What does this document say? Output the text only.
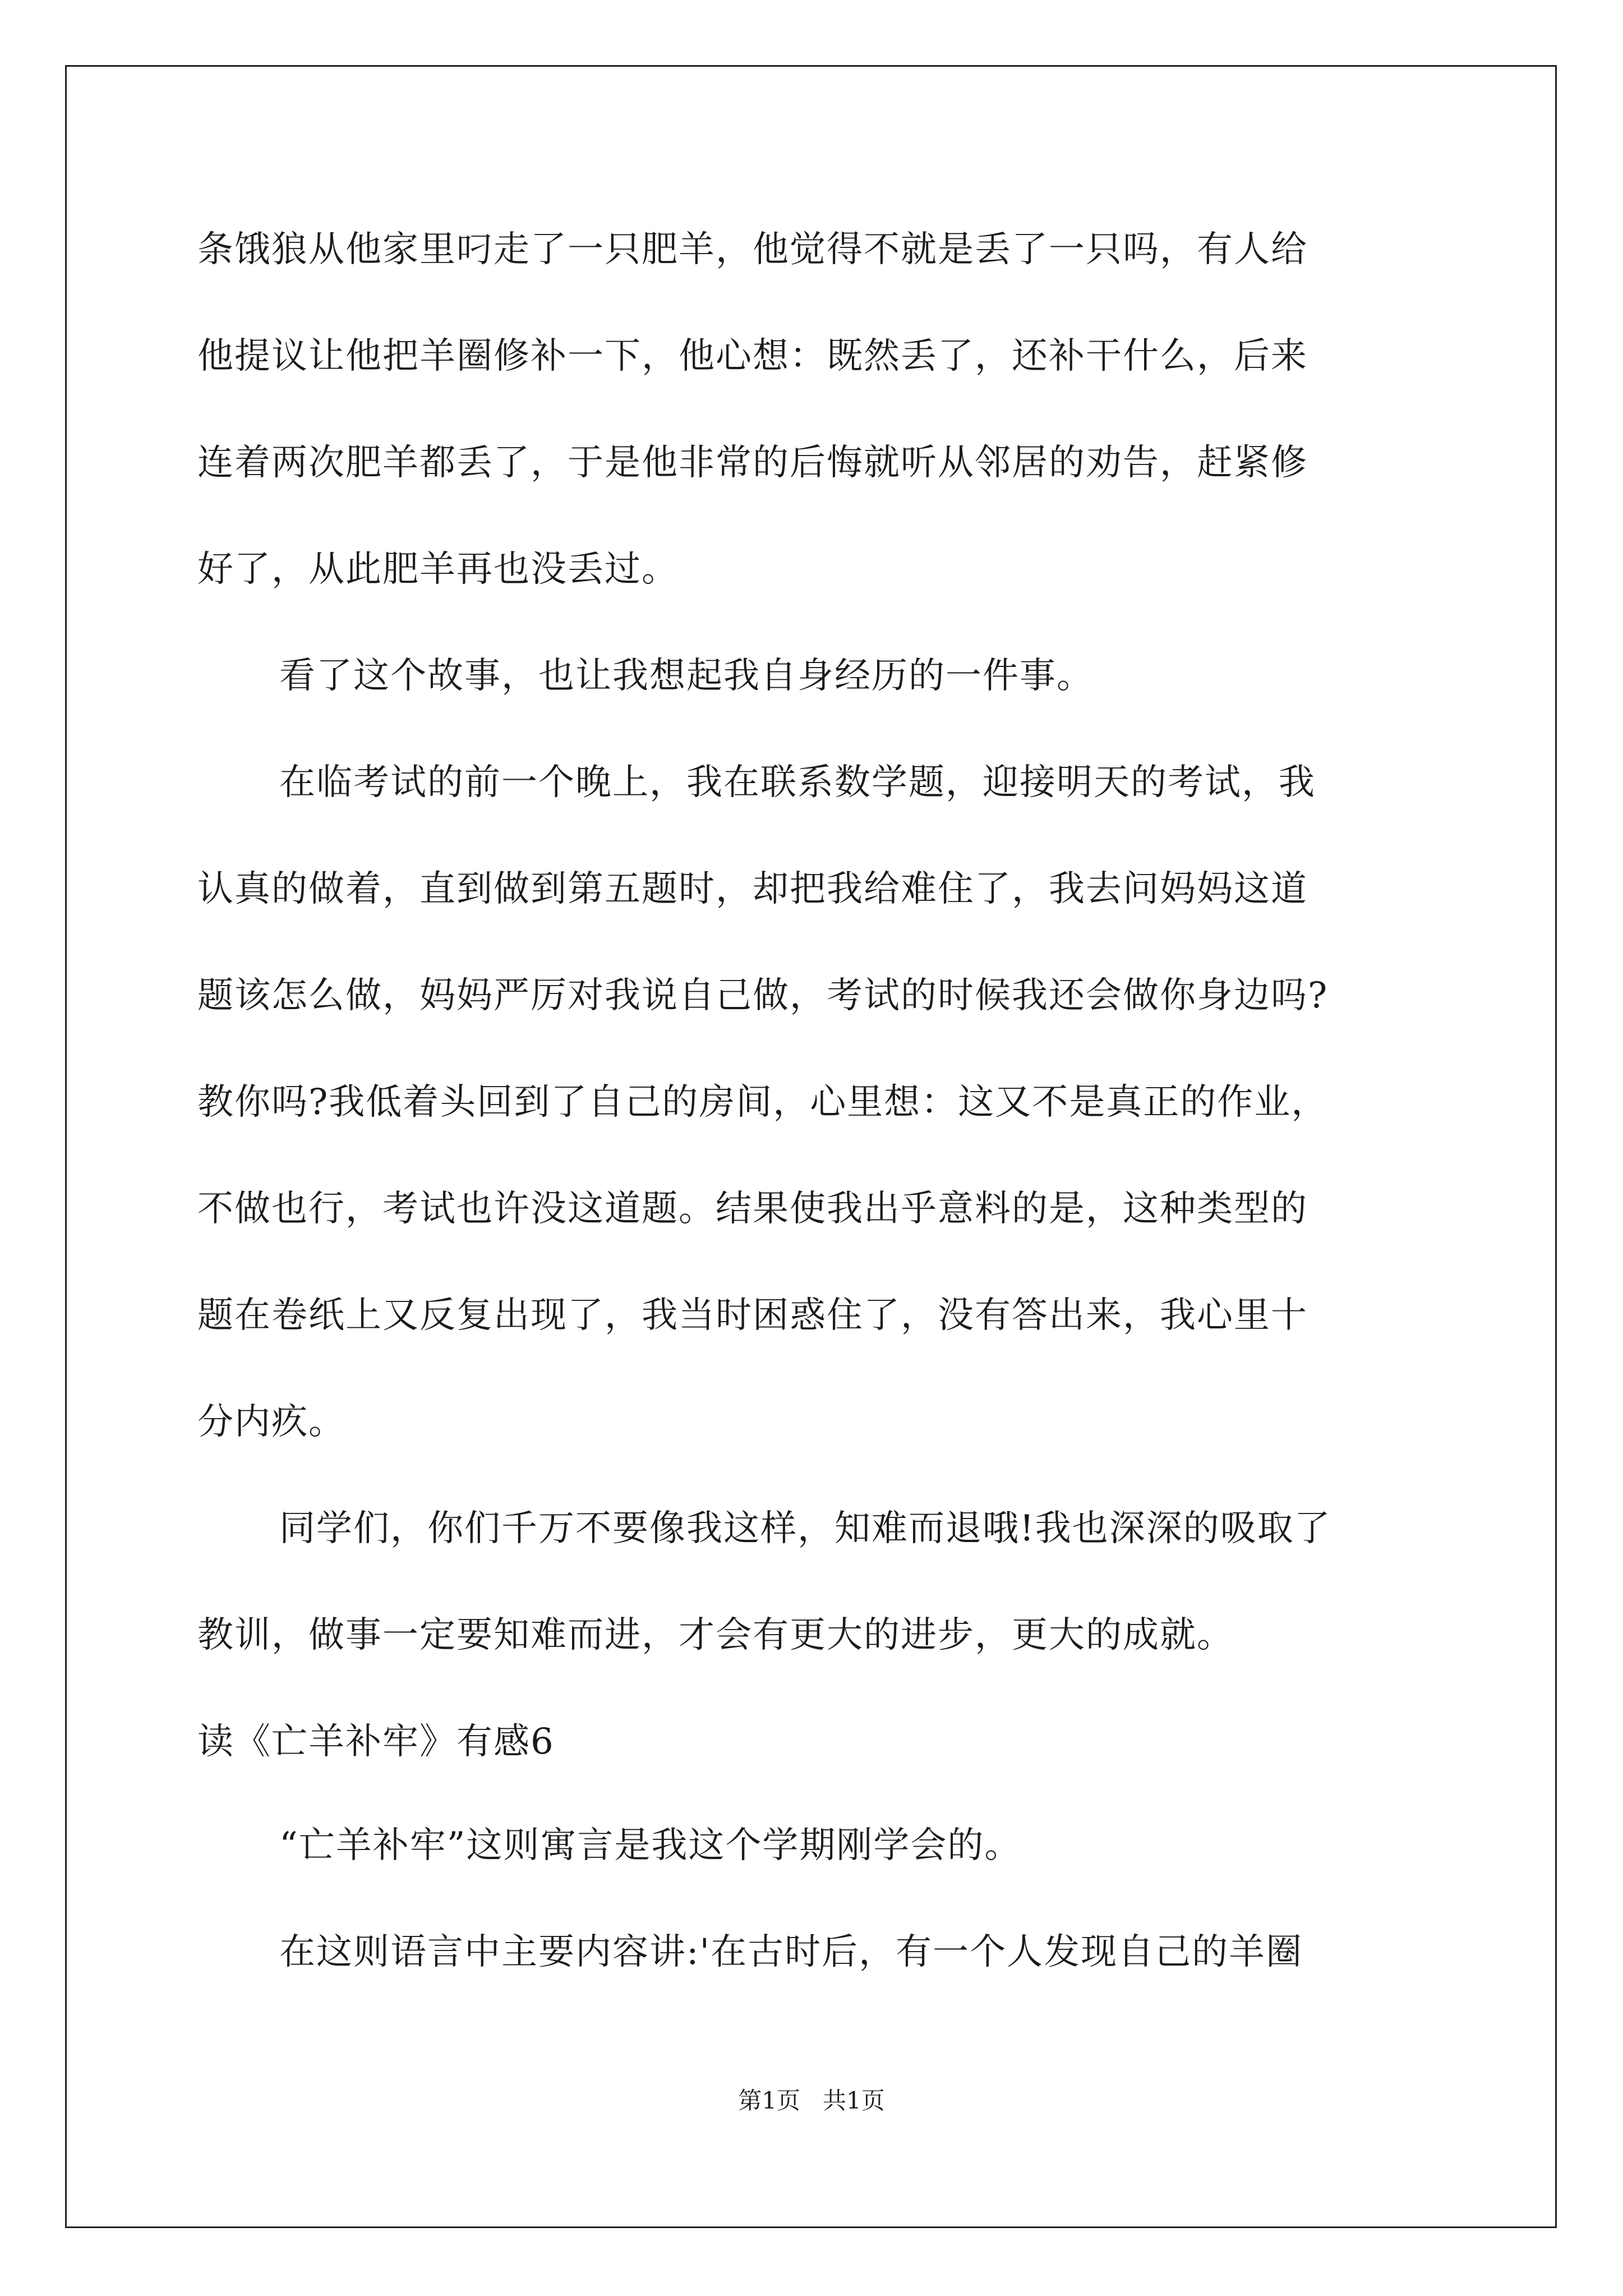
条饿狼从他家里叼走了一只肥羊，他觉得不就是丢了一只吗，有人给
他提议让他把羊圈修补一下，他心想：既然丢了，还补干什么，后来
连着两次肥羊都丢了，于是他非常的后悔就听从邻居的劝告，赶紧修
好了，从此肥羊再也没丢过。
看了这个故事，也让我想起我自身经历的一件事。
在临考试的前一个晚上，我在联系数学题，迎接明天的考试，我
认真的做着，直到做到第五题时，却把我给难住了，我去问妈妈这道
题该怎么做，妈妈严厉对我说自己做，考试的时候我还会做你身边吗?
教你吗?我低着头回到了自己的房间，心里想：这又不是真正的作业，
不做也行，考试也许没这道题。结果使我出乎意料的是，这种类型的
题在卷纸上又反复出现了，我当时困惑住了，没有答出来，我心里十
分内疚。
同学们，你们千万不要像我这样，知难而退哦!我也深深的吸取了
教训，做事一定要知难而进，才会有更大的进步，更大的成就。
读《亡羊补牢》有感6
“亡羊补牢”这则寓言是我这个学期刚学会的。
在这则语言中主要内容讲:'在古时后，有一个人发现自己的羊圈
第1页   共1页
